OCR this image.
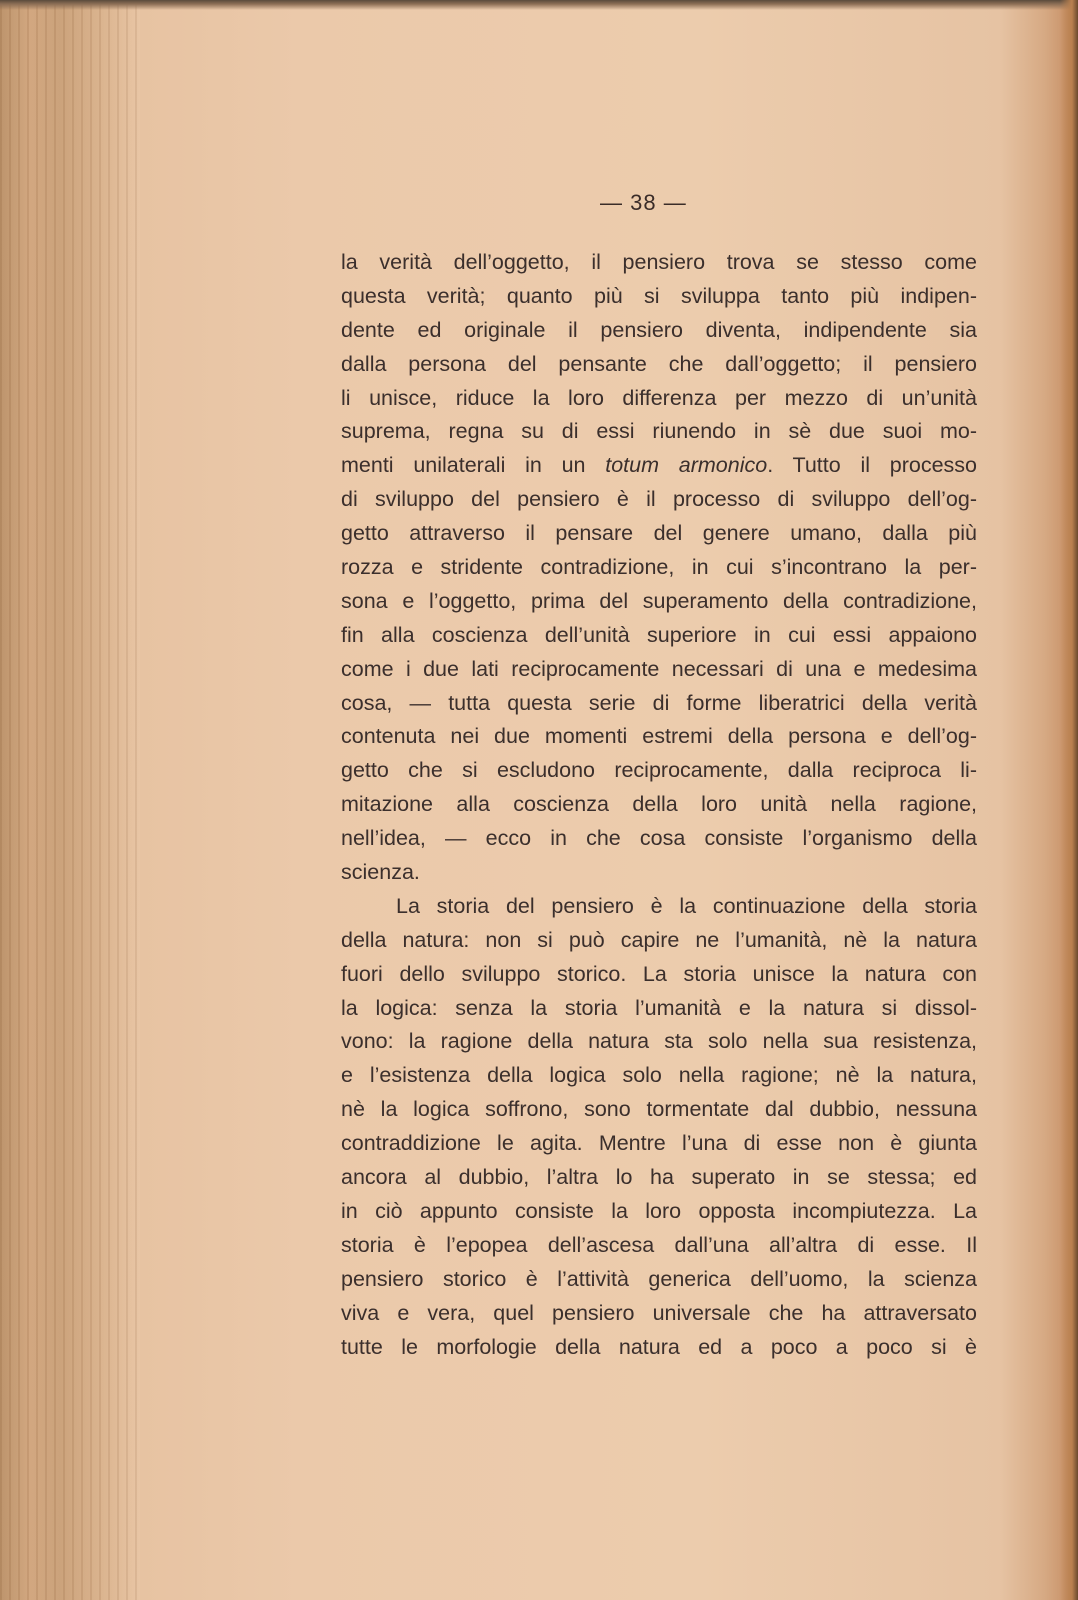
— 38 —
la verità dell’oggetto, il pensiero trova se stesso come
questa verità; quanto più si sviluppa tanto più indipen-
dente ed originale il pensiero diventa, indipendente sia
dalla persona del pensante che dall’oggetto; il pensiero
li unisce, riduce la loro differenza per mezzo di un’unità
suprema, regna su di essi riunendo in sè due suoi mo-
menti unilaterali in un totum armonico. Tutto il processo
di sviluppo del pensiero è il processo di sviluppo dell’og-
getto attraverso il pensare del genere umano, dalla più
rozza e stridente contradizione, in cui s’incontrano la per-
sona e l’oggetto, prima del superamento della contradizione,
fin alla coscienza dell’unità superiore in cui essi appaiono
come i due lati reciprocamente necessari di una e medesima
cosa, — tutta questa serie di forme liberatrici della verità
contenuta nei due momenti estremi della persona e dell’og-
getto che si escludono reciprocamente, dalla reciproca li-
mitazione alla coscienza della loro unità nella ragione,
nell’idea, — ecco in che cosa consiste l’organismo della
scienza.
La storia del pensiero è la continuazione della storia
della natura: non si può capire ne l’umanità, nè la natura
fuori dello sviluppo storico. La storia unisce la natura con
la logica: senza la storia l’umanità e la natura si dissol-
vono: la ragione della natura sta solo nella sua resistenza,
e l’esistenza della logica solo nella ragione; nè la natura,
nè la logica soffrono, sono tormentate dal dubbio, nessuna
contraddizione le agita. Mentre l’una di esse non è giunta
ancora al dubbio, l’altra lo ha superato in se stessa; ed
in ciò appunto consiste la loro opposta incompiutezza. La
storia è l’epopea dell’ascesa dall’una all’altra di esse. Il
pensiero storico è l’attività generica dell’uomo, la scienza
viva e vera, quel pensiero universale che ha attraversato
tutte le morfologie della natura ed a poco a poco si è
